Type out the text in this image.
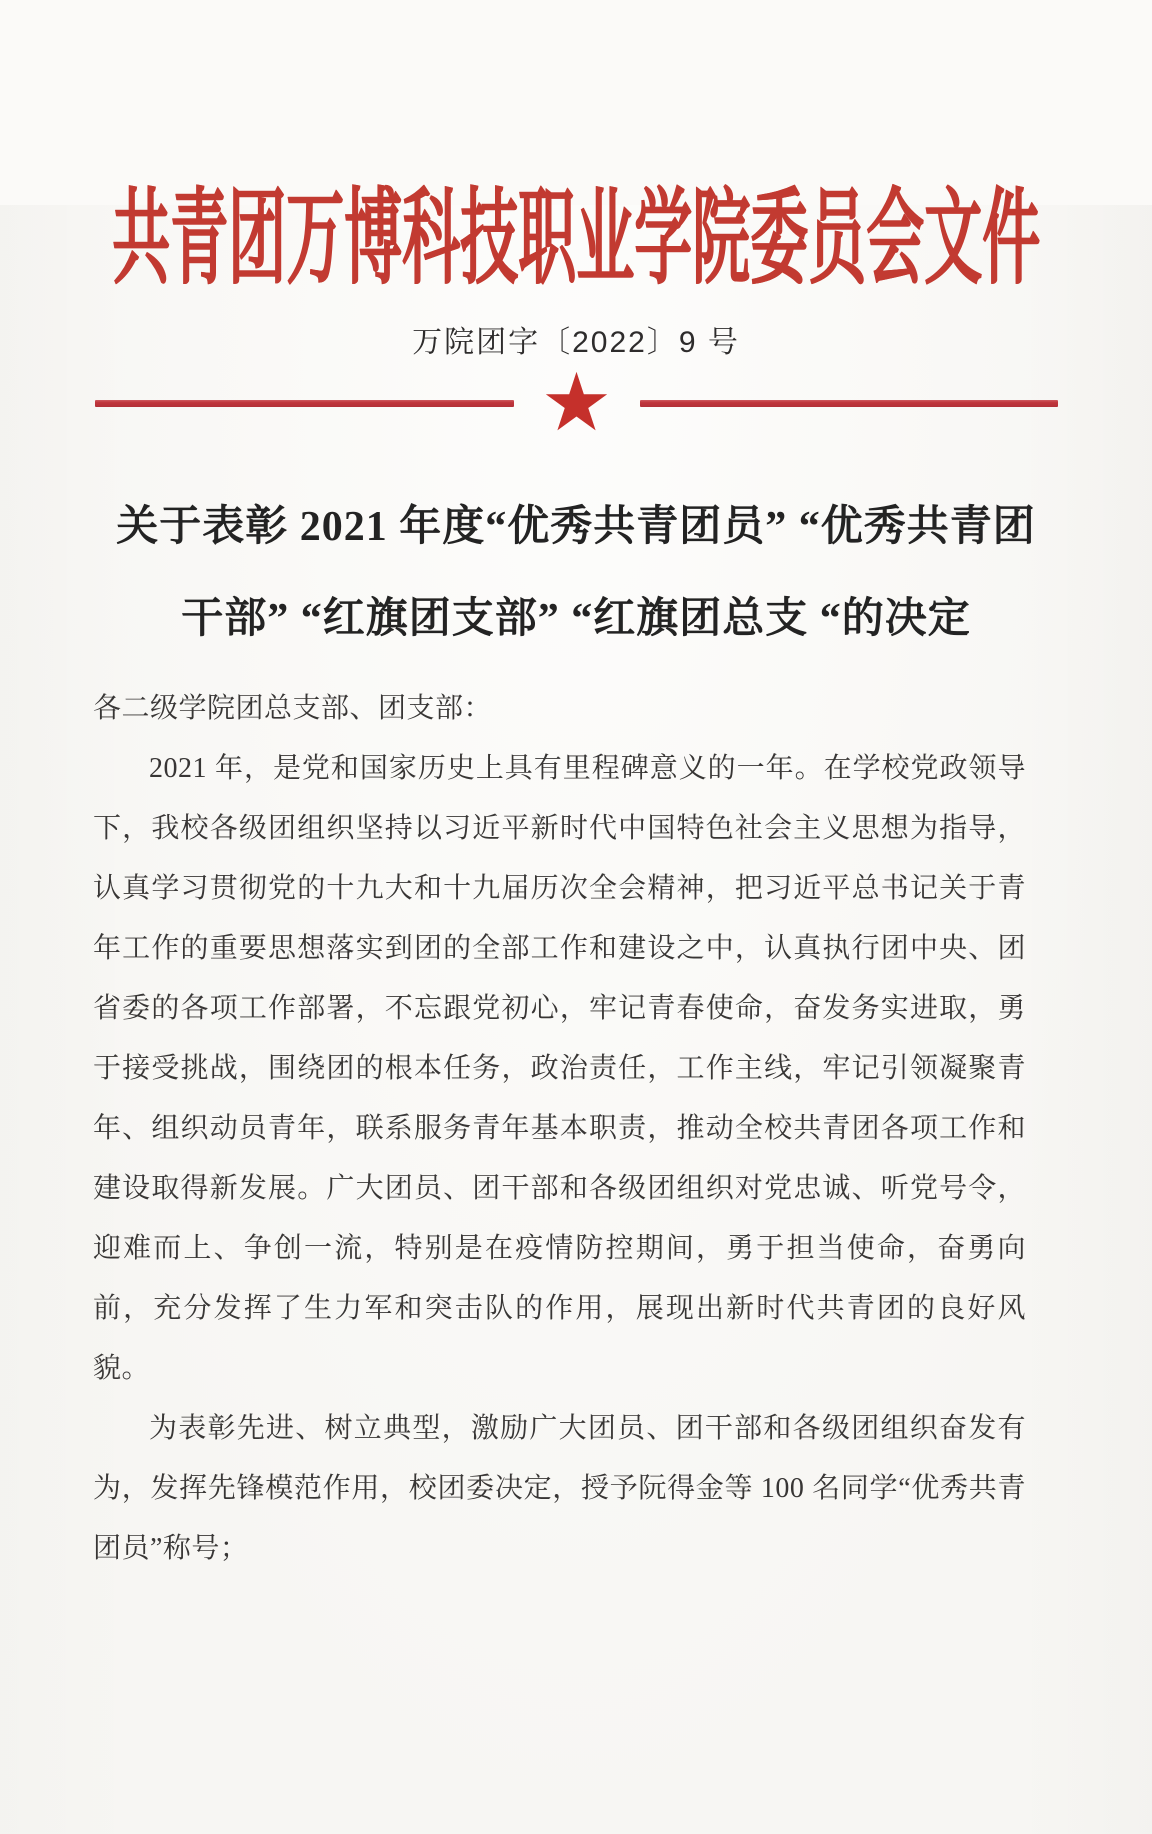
共青团万博科技职业学院委员会文件
万院团字〔2022〕9 号
★
关于表彰 2021 年度“优秀共青团员” “优秀共青团
干部” “红旗团支部” “红旗团总支 “的决定
各二级学院团总支部、团支部：

2021 年，是党和国家历史上具有里程碑意义的一年。在学校党政领导下，我校各级团组织坚持以习近平新时代中国特色社会主义思想为指导，认真学习贯彻党的十九大和十九届历次全会精神，把习近平总书记关于青年工作的重要思想落实到团的全部工作和建设之中，认真执行团中央、团省委的各项工作部署，不忘跟党初心，牢记青春使命，奋发务实进取，勇于接受挑战，围绕团的根本任务，政治责任，工作主线，牢记引领凝聚青年、组织动员青年，联系服务青年基本职责，推动全校共青团各项工作和建设取得新发展。广大团员、团干部和各级团组织对党忠诚、听党号令，迎难而上、争创一流，特别是在疫情防控期间，勇于担当使命，奋勇向前，充分发挥了生力军和突击队的作用，展现出新时代共青团的良好风貌。

为表彰先进、树立典型，激励广大团员、团干部和各级团组织奋发有为，发挥先锋模范作用，校团委决定，授予阮得金等 100 名同学“优秀共青团员”称号；
